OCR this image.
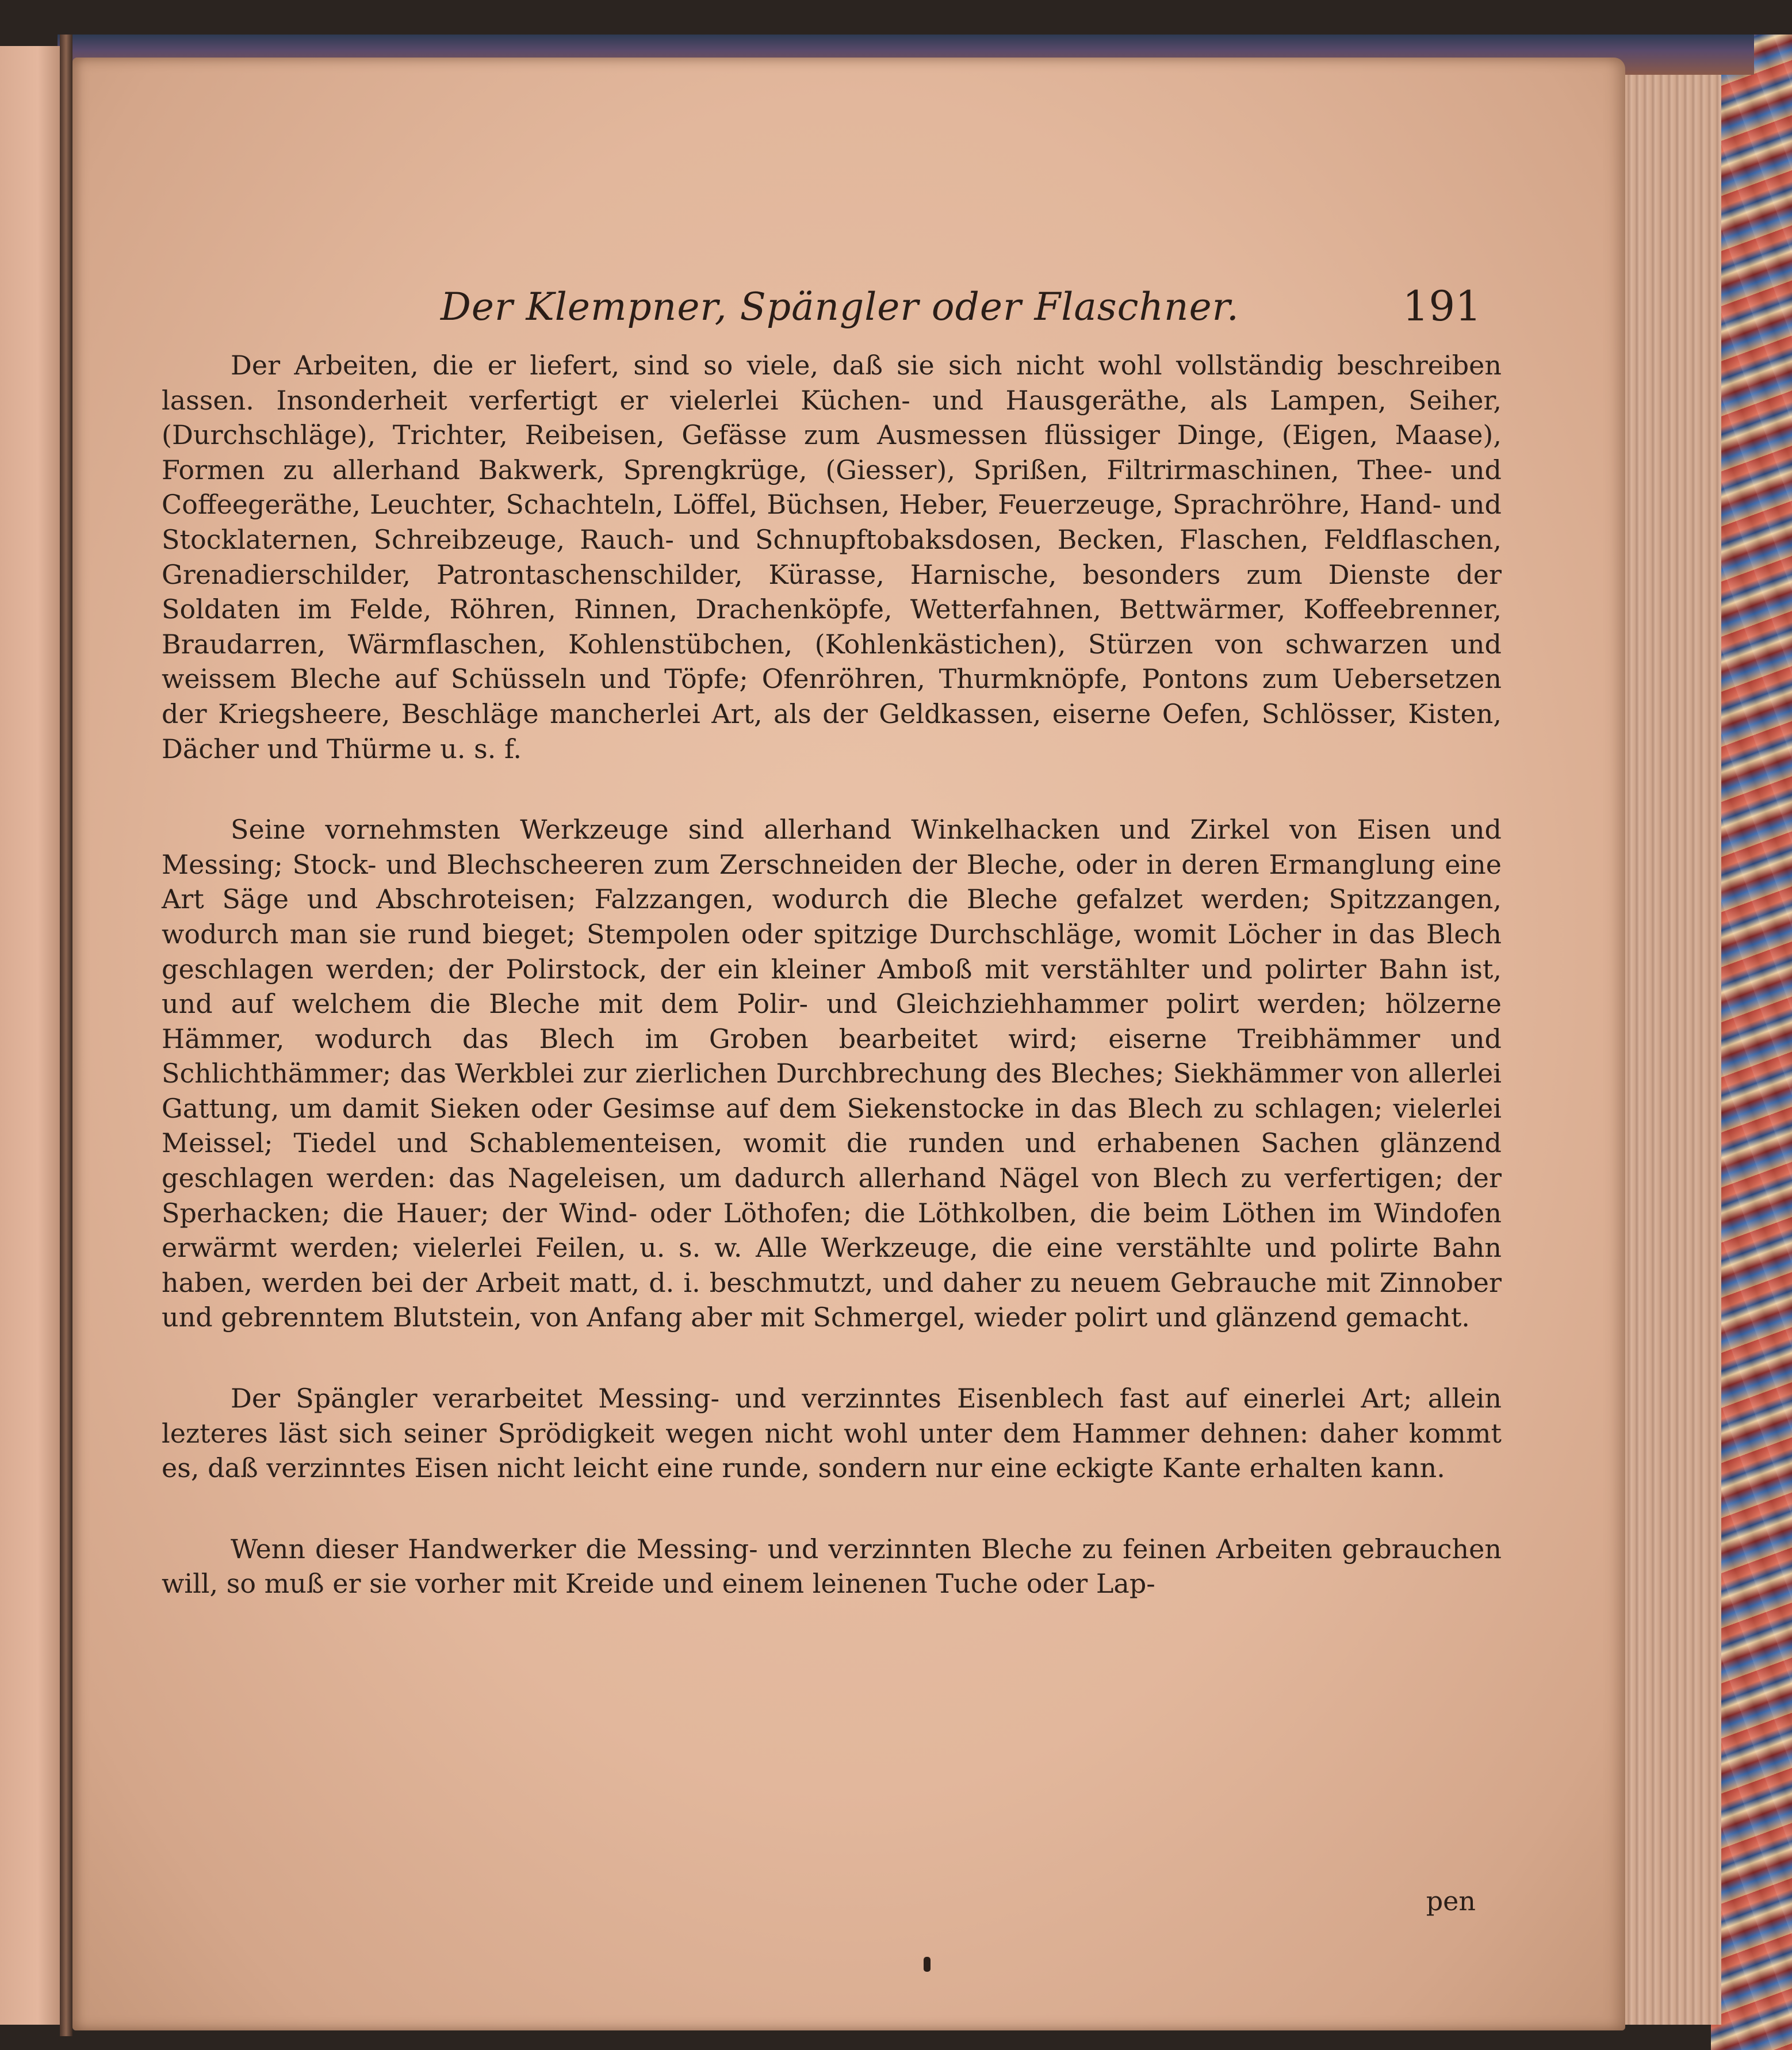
Der Klempner, Spängler oder Flaschner.	191

Der Arbeiten, die er liefert, sind so viele, daß sie sich nicht wohl vollständig beschreiben lassen. Insonderheit verfertigt er vielerlei Küchen- und Hausgeräthe, als Lampen, Seiher, (Durchschläge), Trichter, Reibeisen, Gefässe zum Ausmessen flüssiger Dinge, (Eigen, Maase), Formen zu allerhand Bakwerk, Sprengkrüge, (Giesser), Sprißen, Filtrirmaschinen, Thee- und Coffeegeräthe, Leuchter, Schachteln, Löffel, Büchsen, Heber, Feuerzeuge, Sprachröhre, Hand- und Stocklaternen, Schreibzeuge, Rauch- und Schnupftobaksdosen, Becken, Flaschen, Feldflaschen, Grenadierschilder, Patrontaschenschilder, Kürasse, Harnische, besonders zum Dienste der Soldaten im Felde, Röhren, Rinnen, Drachenköpfe, Wetterfahnen, Bettwärmer, Koffeebrenner, Braudarren, Wärmflaschen, Kohlenstübchen, (Kohlenkästichen), Stürzen von schwarzen und weissem Bleche auf Schüsseln und Töpfe; Ofenröhren, Thurmknöpfe, Pontons zum Uebersetzen der Kriegsheere, Beschläge mancherlei Art, als der Geldkassen, eiserne Oefen, Schlösser, Kisten, Dächer und Thürme u. s. f.

Seine vornehmsten Werkzeuge sind allerhand Winkelhacken und Zirkel von Eisen und Messing; Stock- und Blechscheeren zum Zerschneiden der Bleche, oder in deren Ermanglung eine Art Säge und Abschroteisen; Falzzangen, wodurch die Bleche gefalzet werden; Spitzzangen, wodurch man sie rund bieget; Stempolen oder spitzige Durchschläge, womit Löcher in das Blech geschlagen werden; der Polirstock, der ein kleiner Amboß mit verstählter und polirter Bahn ist, und auf welchem die Bleche mit dem Polir- und Gleichziehhammer polirt werden; hölzerne Hämmer, wodurch das Blech im Groben bearbeitet wird; eiserne Treibhämmer und Schlichthämmer; das Werkblei zur zierlichen Durchbrechung des Bleches; Siekhämmer von allerlei Gattung, um damit Sieken oder Gesimse auf dem Siekenstocke in das Blech zu schlagen; vielerlei Meissel; Tiedel und Schablementeisen, womit die runden und erhabenen Sachen glänzend geschlagen werden: das Nageleisen, um dadurch allerhand Nägel von Blech zu verfertigen; der Sperhacken; die Hauer; der Wind- oder Löthofen; die Löthkolben, die beim Löthen im Windofen erwärmt werden; vielerlei Feilen, u. s. w. Alle Werkzeuge, die eine verstählte und polirte Bahn haben, werden bei der Arbeit matt, d. i. beschmutzt, und daher zu neuem Gebrauche mit Zinnober und gebrenntem Blutstein, von Anfang aber mit Schmergel, wieder polirt und glänzend gemacht.

Der Spängler verarbeitet Messing- und verzinntes Eisenblech fast auf einerlei Art; allein lezteres läst sich seiner Sprödigkeit wegen nicht wohl unter dem Hammer dehnen: daher kommt es, daß verzinntes Eisen nicht leicht eine runde, sondern nur eine eckigte Kante erhalten kann.

Wenn dieser Handwerker die Messing- und verzinnten Bleche zu feinen Arbeiten gebrauchen will, so muß er sie vorher mit Kreide und einem leinenen Tuche oder Lap-

pen
